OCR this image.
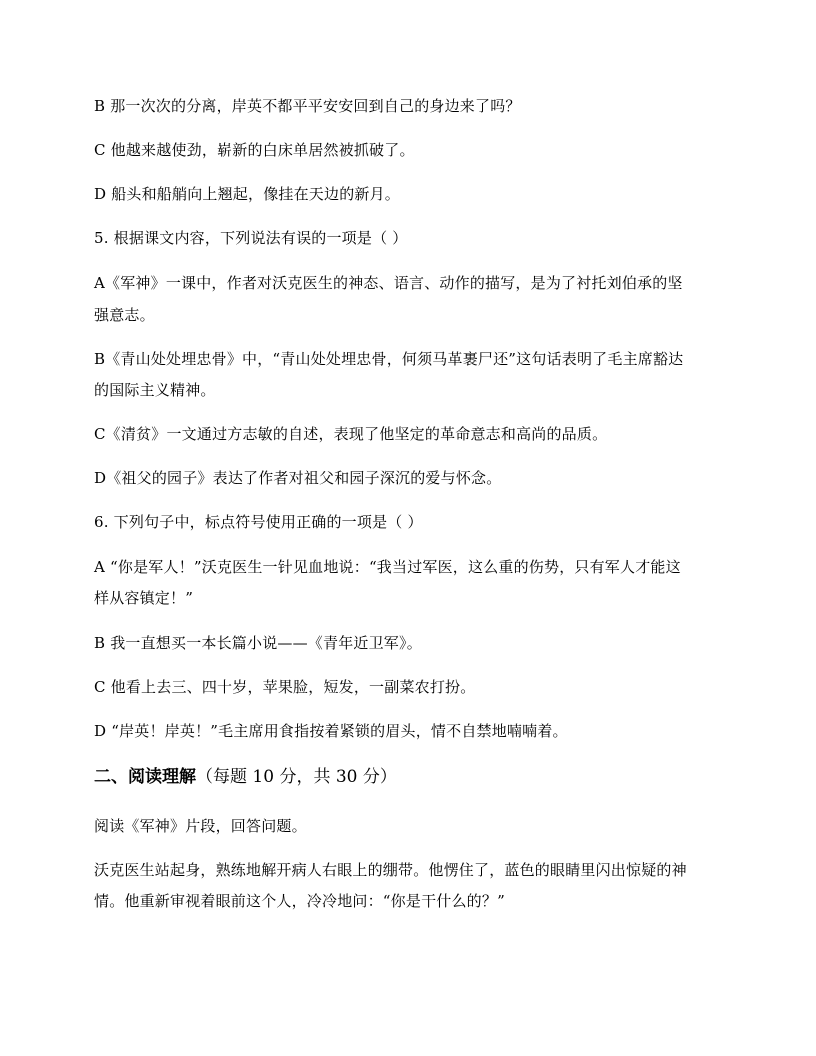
B 那一次次的分离，岸英不都平平安安回到自己的身边来了吗？
C 他越来越使劲，崭新的白床单居然被抓破了。
D 船头和船艄向上翘起，像挂在天边的新月。
5. 根据课文内容，下列说法有误的一项是（ ）
A《军神》一课中，作者对沃克医生的神态、语言、动作的描写，是为了衬托刘伯承的坚
强意志。
B《青山处处埋忠骨》中，“青山处处埋忠骨，何须马革裹尸还”这句话表明了毛主席豁达
的国际主义精神。
C《清贫》一文通过方志敏的自述，表现了他坚定的革命意志和高尚的品质。
D《祖父的园子》表达了作者对祖父和园子深沉的爱与怀念。
6. 下列句子中，标点符号使用正确的一项是（ ）
A “你是军人！”沃克医生一针见血地说：“我当过军医，这么重的伤势，只有军人才能这
样从容镇定！”
B 我一直想买一本长篇小说——《青年近卫军》。
C 他看上去三、四十岁，苹果脸，短发，一副菜农打扮。
D “岸英！岸英！”毛主席用食指按着紧锁的眉头，情不自禁地喃喃着。
二、阅读理解（每题 10 分，共 30 分）
阅读《军神》片段，回答问题。
沃克医生站起身，熟练地解开病人右眼上的绷带。他愣住了，蓝色的眼睛里闪出惊疑的神
情。他重新审视着眼前这个人，冷冷地问：“你是干什么的？”
